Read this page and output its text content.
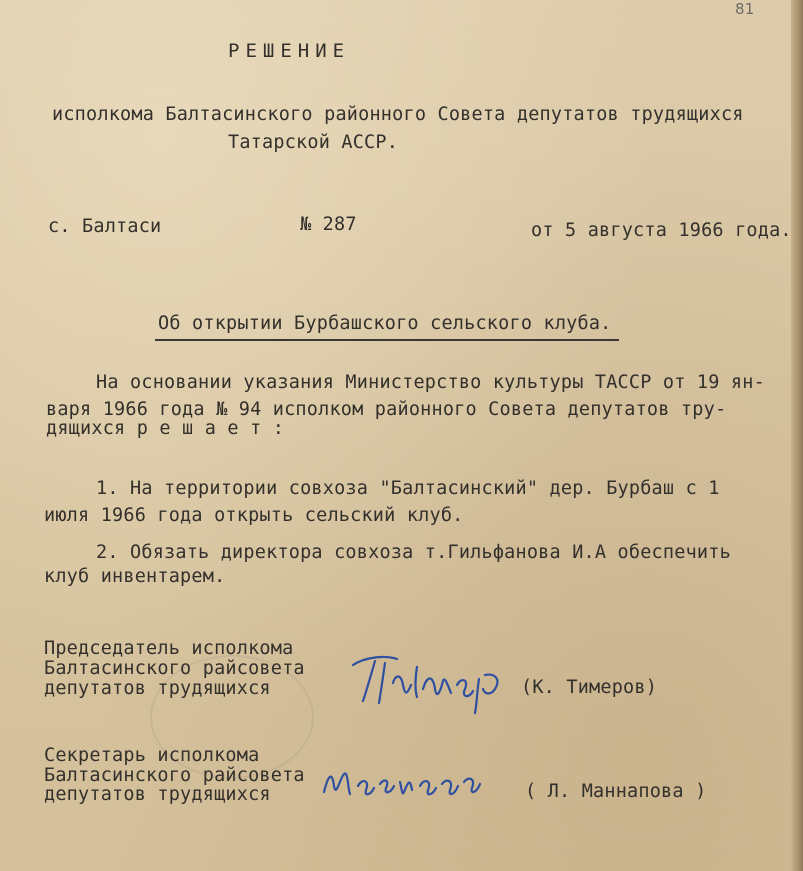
81
РЕШЕНИЕ
исполкома Балтасинского районного Совета депутатов трудящихся
Татарской АССР.
с. Балтаси	№ 287	от 5 августа 1966 года.
Об открытии Бурбашского сельского клуба.
На основании указания Министерство культуры ТАССР от 19 ян-
варя 1966 года № 94 исполком районного Совета депутатов тру-
дящихся р е ш а е т :
1. На территории совхоза "Балтасинский" дер. Бурбаш с 1
июля 1966 года открыть сельский клуб.
2. Обязать директора совхоза т.Гильфанова И.А обеспечить
клуб инвентарем.
Председатель исполкома
Балтасинского райсовета
депутатов трудящихся	(К. Тимеров)
Секретарь исполкома
Балтасинского райсовета
депутатов трудящихся	( Л. Маннапова )
